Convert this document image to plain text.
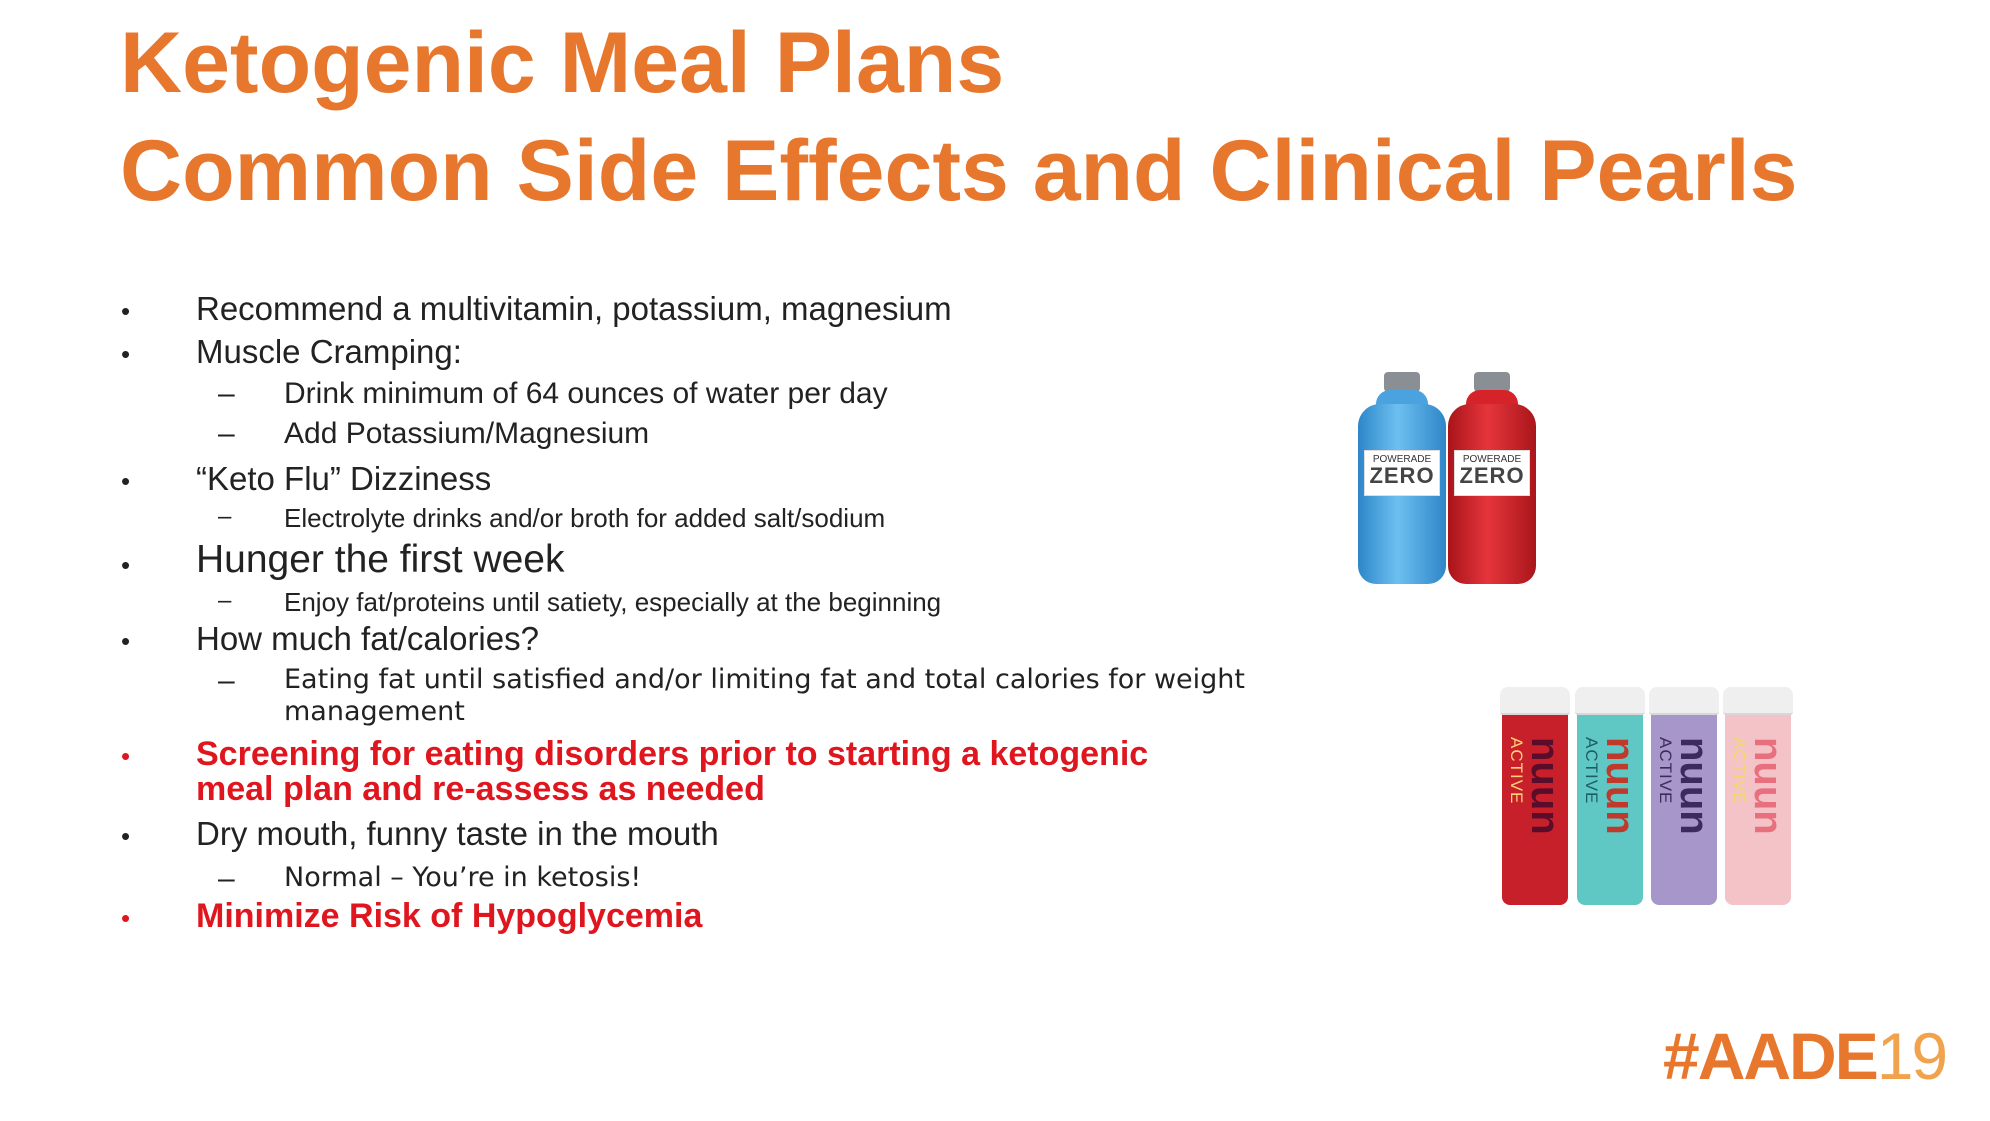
Ketogenic Meal Plans
Common Side Effects and Clinical Pearls
• Recommend a multivitamin, potassium, magnesium
• Muscle Cramping:
– Drink minimum of 64 ounces of water per day
– Add Potassium/Magnesium
• “Keto Flu” Dizziness
– Electrolyte drinks and/or broth for added salt/sodium
• Hunger the first week
– Enjoy fat/proteins until satiety, especially at the beginning
• How much fat/calories?
– Eating fat until satisfied and/or limiting fat and total calories for weight
management
• Screening for eating disorders prior to starting a ketogenic
meal plan and re-assess as needed
• Dry mouth, funny taste in the mouth
– Normal – You’re in ketosis!
• Minimize Risk of Hypoglycemia
POWERADE
ZERO
POWERADE
ZERO
ACTIVE
nuun ACTIVE
nuun ACTIVE
nuun ACTIVE
nuun
#AADE19
